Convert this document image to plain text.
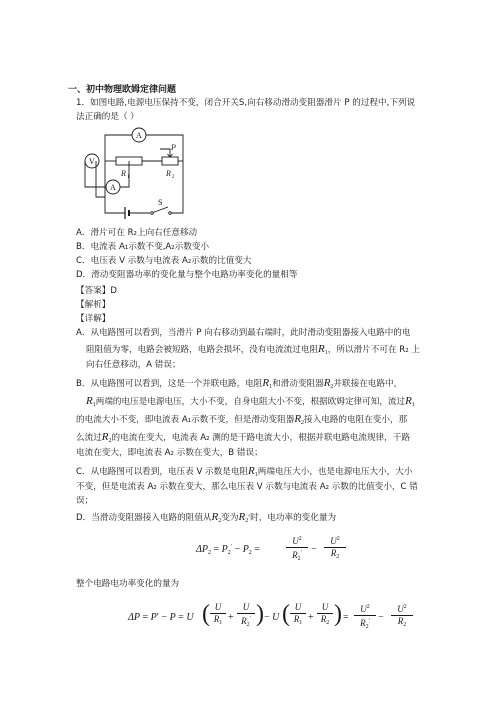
一、初中物理欧姆定律问题
1．如图电路,电源电压保持不变，闭合开关S,向右移动滑动变阻器滑片 P 的过程中,下列说
法正确的是（ ）
A
V
A
R 1	R 2
P
S
A．滑片可在 R₂上向右任意移动
B．电流表 A₁示数不变,A₂示数变小
C．电压表 V 示数与电流表 A₂示数的比值变大
D．滑动变阻器功率的变化量与整个电路功率变化的量相等
【答案】D
【解析】
【详解】
A．从电路图可以看到，当滑片 P 向右移动到最右端时，此时滑动变阻器接入电路中的电
阻阻值为零，电路会被短路，电路会损坏，没有电流流过电阻$R_1$，所以滑片不可在 R₂ 上
向右任意移动，A 错误；
B．从电路图可以看到，这是一个并联电路，电阻$R_1$和滑动变阻器$R_2$并联接在电路中，
$R_1$两端的电压是电源电压，大小不变，自身电阻大小不变，根据欧姆定律可知，流过$R_1$
的电流大小不变，即电流表 A₁示数不变，但是滑动变阻器$R_2$接入电路的电阻在变小，那
么流过$R_2$的电流在变大，电流表 A₂ 测的是干路电流大小，根据并联电路电流规律，干路
电流在变大，即电流表 A₂ 示数在变大，B 错误；
C．从电路图可以看到，电压表 V 示数是电阻$R_1$两端电压大小，也是电源电压大小，大小
不变，但是电流表 A₂ 示数在变大，那么电压表 V 示数与电流表 A₂ 示数的比值变小，C 错
误；
D．当滑动变阻器接入电路的阻值从$R_2$变为$R_2'$时，电功率的变化量为
$\Delta P_2 = P_2' - P_2$ =	$\frac{U^2}{R_2'} - \frac{U^2}{R_2}$
整个电路电功率变化的量为
ΔP = P′ − P = U ( $\frac{U}{R_1} + \frac{U}{R_2'}$ ) − U ( $\frac{U}{R_1} + \frac{U}{R_2}$ ) = $\frac{U^2}{R_2'} - \frac{U^2}{R_2}$
